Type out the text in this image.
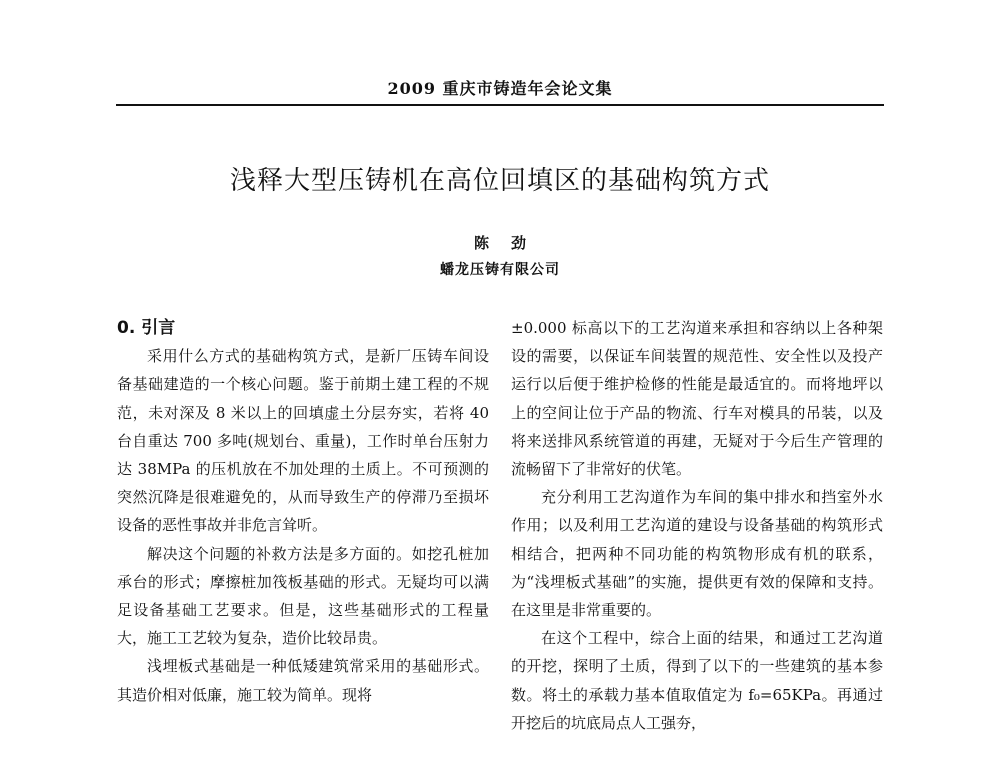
2009 重庆市铸造年会论文集
浅释大型压铸机在高位回填区的基础构筑方式
陈劲
蟠龙压铸有限公司
0. 引言

采用什么方式的基础构筑方式，是新厂压铸车间设备基础建造的一个核心问题。鉴于前期土建工程的不规范，未对深及 8 米以上的回填虚土分层夯实，若将 40 台自重达 700 多吨(规划台、重量)，工作时单台压射力达 38MPa 的压机放在不加处理的土质上。不可预测的突然沉降是很难避免的，从而导致生产的停滞乃至损坏设备的恶性事故并非危言耸听。

解决这个问题的补救方法是多方面的。如挖孔桩加承台的形式；摩擦桩加筏板基础的形式。无疑均可以满足设备基础工艺要求。但是，这些基础形式的工程量大，施工工艺较为复杂，造价比较昂贵。

浅埋板式基础是一种低矮建筑常采用的基础形式。其造价相对低廉，施工较为简单。现将

±0.000 标高以下的工艺沟道来承担和容纳以上各种架设的需要，以保证车间装置的规范性、安全性以及投产运行以后便于维护检修的性能是最适宜的。而将地坪以上的空间让位于产品的物流、行车对模具的吊装，以及将来送排风系统管道的再建，无疑对于今后生产管理的流畅留下了非常好的伏笔。

充分利用工艺沟道作为车间的集中排水和挡室外水作用；以及利用工艺沟道的建设与设备基础的构筑形式相结合，把两种不同功能的构筑物形成有机的联系，为“浅埋板式基础”的实施，提供更有效的保障和支持。在这里是非常重要的。

在这个工程中，综合上面的结果，和通过工艺沟道的开挖，探明了土质，得到了以下的一些建筑的基本参数。将土的承载力基本值取值定为 f₀=65KPa。再通过开挖后的坑底局点人工强夯，
